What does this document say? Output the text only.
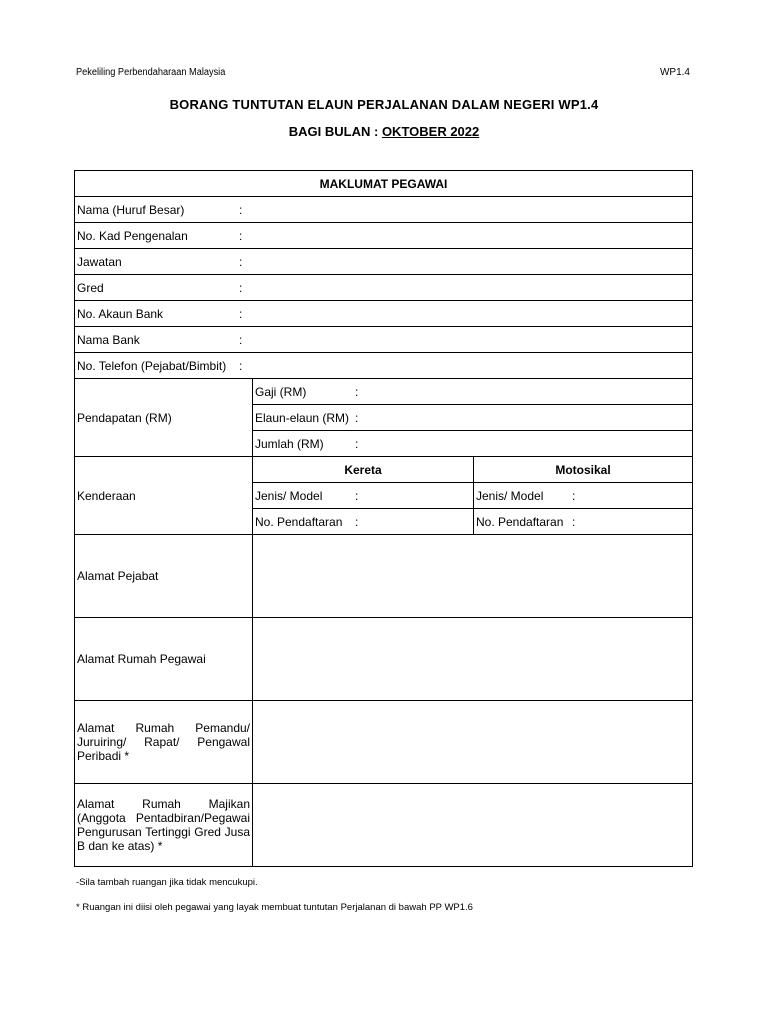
Pekeliling Perbendaharaan Malaysia	WP1.4
BORANG TUNTUTAN ELAUN PERJALANAN DALAM NEGERI WP1.4
BAGI BULAN : OKTOBER 2022
MAKLUMAT PEGAWAI		
Nama (Huruf Besar) :		
No. Kad Pengenalan :		
Jawatan :		
Gred :		
No. Akaun Bank :		
Nama Bank :		
No. Telefon (Pejabat/Bimbit) :		
Pendapatan (RM)	Gaji (RM) :	
	Elaun-elaun (RM) :	
	Jumlah (RM) :	
Kenderaan	Kereta	Motosikal
	Jenis/ Model :	Jenis/ Model :
	No. Pendaftaran :	No. Pendaftaran :
Alamat Pejabat		
Alamat Rumah Pegawai		
Alamat Rumah Pemandu/ Juruiring/ Rapat/ Pengawal Peribadi *		
Alamat Rumah Majikan (Anggota Pentadbiran/Pegawai Pengurusan Tertinggi Gred Jusa B dan ke atas) *		
-Sila tambah ruangan jika tidak mencukupi.
* Ruangan ini diisi oleh pegawai yang layak membuat tuntutan Perjalanan di bawah PP WP1.6
